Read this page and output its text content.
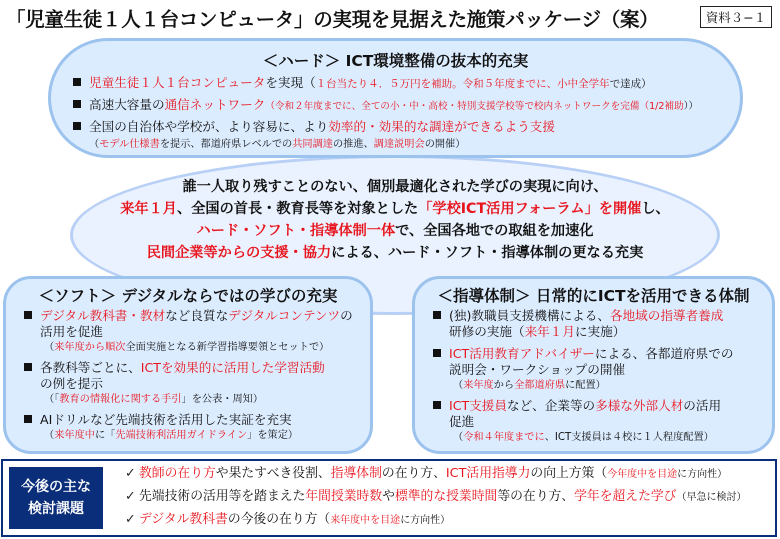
「児童生徒１人１台コンピュータ」の実現を見据えた施策パッケージ（案）	資料３−１
＜ハード＞ ICT環境整備の抜本的充実
児童生徒１人１台コンピュータを実現（１台当たり４．５万円を補助。令和５年度までに、小中全学年で達成）
高速大容量の通信ネットワーク（令和２年度までに、全ての小・中・高校・特別支援学校等で校内ネットワークを完備（1/2補助））
全国の自治体や学校が、より容易に、より効率的・効果的な調達ができるよう支援
（モデル仕様書を提示、都道府県レベルでの共同調達の推進、調達説明会の開催）
誰一人取り残すことのない、個別最適化された学びの実現に向け、
来年１月、全国の首長・教育長等を対象とした「学校ICT活用フォーラム」を開催し、
ハード・ソフト・指導体制一体で、全国各地での取組を加速化
民間企業等からの支援・協力による、ハード・ソフト・指導体制の更なる充実
＜ソフト＞ デジタルならではの学びの充実
デジタル教科書・教材など良質なデジタルコンテンツの
活用を促進
（来年度から順次全面実施となる新学習指導要領とセットで）
各教科等ごとに、ICTを効果的に活用した学習活動
の例を提示
（「教育の情報化に関する手引」を公表・周知）
AIドリルなど先端技術を活用した実証を充実
（来年度中に「先端技術利活用ガイドライン」を策定）
＜指導体制＞ 日常的にICTを活用できる体制
(独)教職員支援機構による、各地域の指導者養成
研修の実施（来年１月に実施）
ICT活用教育アドバイザーによる、各都道府県での
説明会・ワークショップの開催
（来年度から全都道府県に配置）
ICT支援員など、企業等の多様な外部人材の活用
促進
（令和４年度までに、ICT支援員は４校に１人程度配置）
今後の主な
検討課題
✓ 教師の在り方や果たすべき役割、指導体制の在り方、ICT活用指導力の向上方策（今年度中を目途に方向性）
✓ 先端技術の活用等を踏まえた年間授業時数や標準的な授業時間等の在り方、学年を超えた学び（早急に検討）
✓ デジタル教科書の今後の在り方（来年度中を目途に方向性）
